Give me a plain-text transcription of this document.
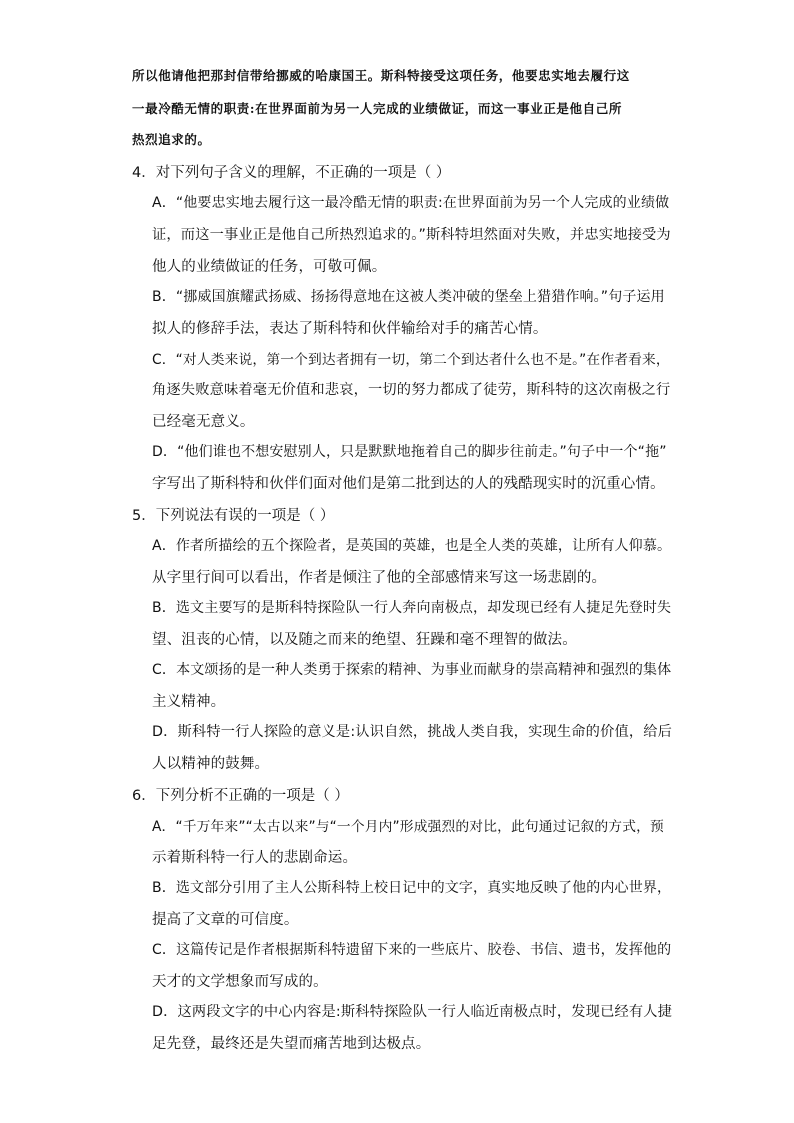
所以他请他把那封信带给挪威的哈康国王。斯科特接受这项任务，他要忠实地去履行这
一最冷酷无情的职责:在世界面前为另一人完成的业绩做证，而这一事业正是他自己所
热烈追求的。
4．对下列句子含义的理解，不正确的一项是（ ）
A．“他要忠实地去履行这一最冷酷无情的职责:在世界面前为另一个人完成的业绩做
证，而这一事业正是他自己所热烈追求的。”斯科特坦然面对失败，并忠实地接受为
他人的业绩做证的任务，可敬可佩。
B．“挪威国旗耀武扬威、扬扬得意地在这被人类冲破的堡垒上猎猎作响。”句子运用
拟人的修辞手法，表达了斯科特和伙伴输给对手的痛苦心情。
C．“对人类来说，第一个到达者拥有一切，第二个到达者什么也不是。”在作者看来，
角逐失败意味着毫无价值和悲哀，一切的努力都成了徒劳，斯科特的这次南极之行
已经毫无意义。
D．“他们谁也不想安慰别人，只是默默地拖着自己的脚步往前走。”句子中一个“拖”
字写出了斯科特和伙伴们面对他们是第二批到达的人的残酷现实时的沉重心情。
5．下列说法有误的一项是（ ）
A．作者所描绘的五个探险者，是英国的英雄，也是全人类的英雄，让所有人仰慕。
从字里行间可以看出，作者是倾注了他的全部感情来写这一场悲剧的。
B．选文主要写的是斯科特探险队一行人奔向南极点，却发现已经有人捷足先登时失
望、沮丧的心情，以及随之而来的绝望、狂躁和毫不理智的做法。
C．本文颂扬的是一种人类勇于探索的精神、为事业而献身的崇高精神和强烈的集体
主义精神。
D．斯科特一行人探险的意义是:认识自然，挑战人类自我，实现生命的价值，给后
人以精神的鼓舞。
6．下列分析不正确的一项是（ ）
A．“千万年来”“太古以来”与“一个月内”形成强烈的对比，此句通过记叙的方式，预
示着斯科特一行人的悲剧命运。
B．选文部分引用了主人公斯科特上校日记中的文字，真实地反映了他的内心世界，
提高了文章的可信度。
C．这篇传记是作者根据斯科特遗留下来的一些底片、胶卷、书信、遗书，发挥他的
天才的文学想象而写成的。
D．这两段文字的中心内容是:斯科特探险队一行人临近南极点时，发现已经有人捷
足先登，最终还是失望而痛苦地到达极点。
